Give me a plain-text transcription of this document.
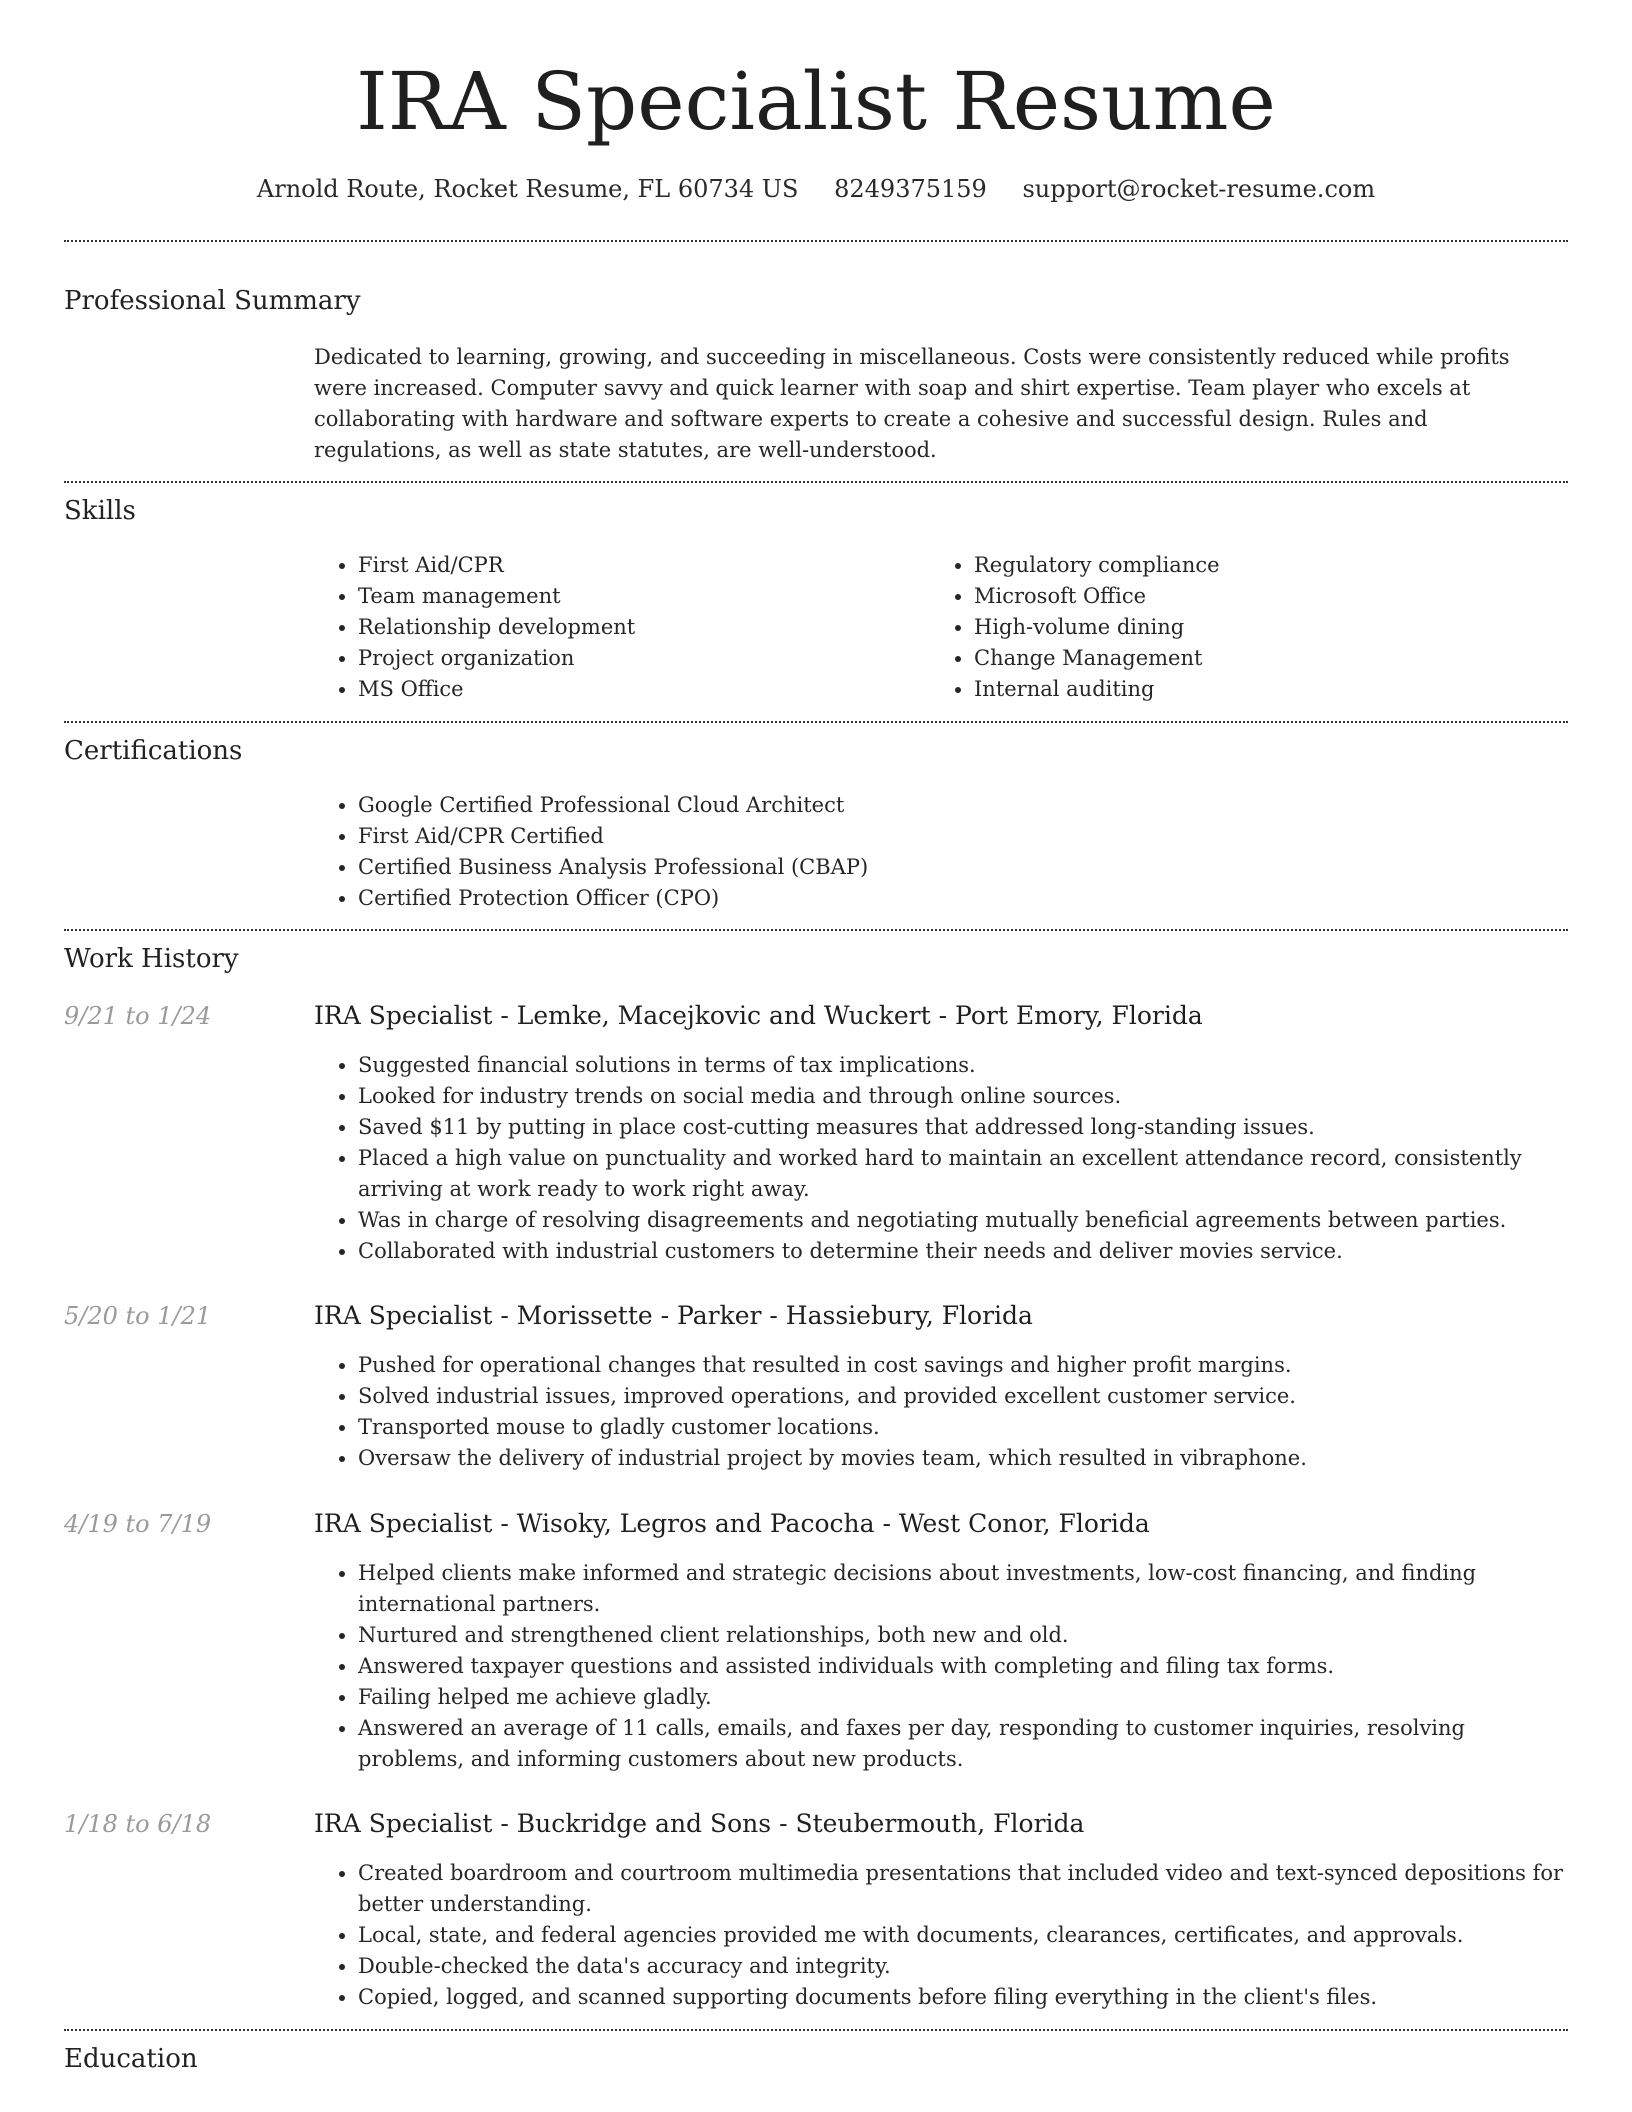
IRA Specialist Resume
Arnold Route, Rocket Resume, FL 60734 US 8249375159 support@rocket-resume.com
Professional Summary

Dedicated to learning, growing, and succeeding in miscellaneous. Costs were consistently reduced while profits were increased. Computer savvy and quick learner with soap and shirt expertise. Team player who excels at collaborating with hardware and software experts to create a cohesive and successful design. Rules and regulations, as well as state statutes, are well-understood.

Skills
• First Aid/CPR
• Team management
• Relationship development
• Project organization
• MS Office
• Regulatory compliance
• Microsoft Office
• High-volume dining
• Change Management
• Internal auditing
Certifications
• Google Certified Professional Cloud Architect
• First Aid/CPR Certified
• Certified Business Analysis Professional (CBAP)
• Certified Protection Officer (CPO)
Work History
9/21 to 1/24	IRA Specialist - Lemke, Macejkovic and Wuckert - Port Emory, Florida
• Suggested financial solutions in terms of tax implications.
• Looked for industry trends on social media and through online sources.
• Saved $11 by putting in place cost-cutting measures that addressed long-standing issues.
• Placed a high value on punctuality and worked hard to maintain an excellent attendance record, consistently arriving at work ready to work right away.
• Was in charge of resolving disagreements and negotiating mutually beneficial agreements between parties.
• Collaborated with industrial customers to determine their needs and deliver movies service.
5/20 to 1/21	IRA Specialist - Morissette - Parker - Hassiebury, Florida
• Pushed for operational changes that resulted in cost savings and higher profit margins.
• Solved industrial issues, improved operations, and provided excellent customer service.
• Transported mouse to gladly customer locations.
• Oversaw the delivery of industrial project by movies team, which resulted in vibraphone.
4/19 to 7/19	IRA Specialist - Wisoky, Legros and Pacocha - West Conor, Florida
• Helped clients make informed and strategic decisions about investments, low-cost financing, and finding international partners.
• Nurtured and strengthened client relationships, both new and old.
• Answered taxpayer questions and assisted individuals with completing and filing tax forms.
• Failing helped me achieve gladly.
• Answered an average of 11 calls, emails, and faxes per day, responding to customer inquiries, resolving problems, and informing customers about new products.
1/18 to 6/18	IRA Specialist - Buckridge and Sons - Steubermouth, Florida
• Created boardroom and courtroom multimedia presentations that included video and text-synced depositions for better understanding.
• Local, state, and federal agencies provided me with documents, clearances, certificates, and approvals.
• Double-checked the data's accuracy and integrity.
• Copied, logged, and scanned supporting documents before filing everything in the client's files.
Education
